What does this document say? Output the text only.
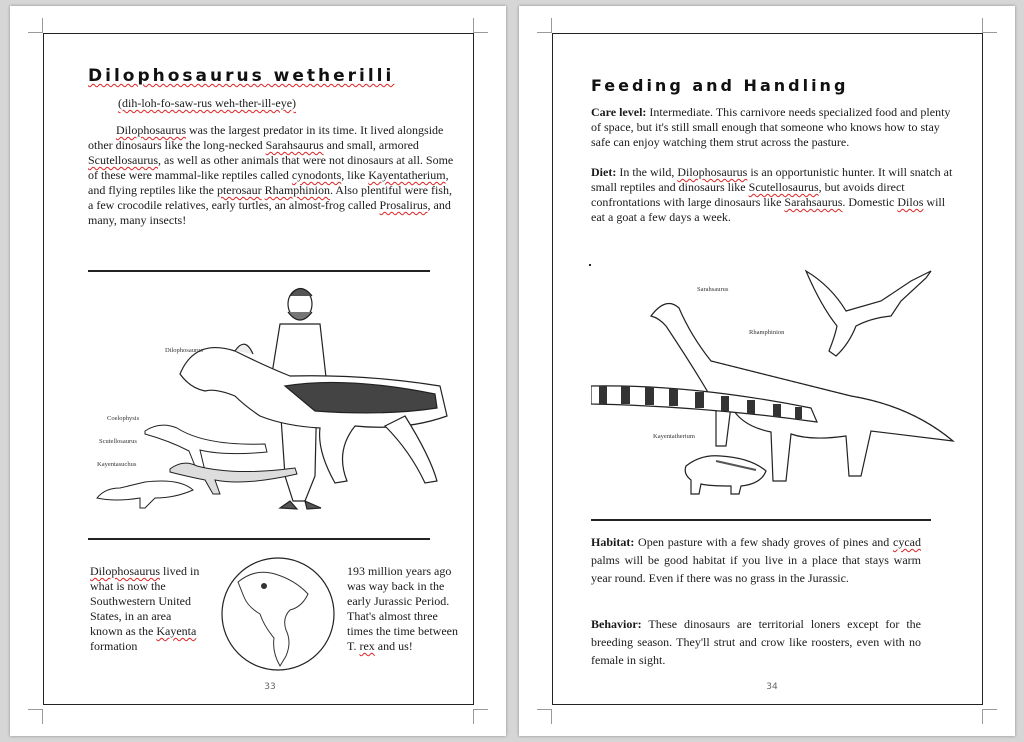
Dilophosaurus wetherilli

(dih-loh-fo-saw-rus weh-ther-ill-eye)

Dilophosaurus was the largest predator in its time. It lived alongside other dinosaurs like the long-necked Sarahsaurus and small, armored Scutellosaurus, as well as other animals that were not dinosaurs at all. Some of these were mammal-like reptiles called cynodonts, like Kayentatherium, and flying reptiles like the pterosaur Rhamphinion. Also plentiful were fish, a few crocodile relatives, early turtles, an almost-frog called Prosalirus, and many, many insects!

Dilophosaurus
Coelophysis
Scutellosaurus
Kayentasuchus

Dilophosaurus lived in what is now the Southwestern United States, in an area known as the Kayenta formation

193 million years ago was way back in the early Jurassic Period. That's almost three times the time between T. rex and us!

33
Feeding and Handling

Care level: Intermediate. This carnivore needs specialized food and plenty of space, but it's still small enough that someone who knows how to stay safe can enjoy watching them strut across the pasture.

Diet: In the wild, Dilophosaurus is an opportunistic hunter. It will snatch at small reptiles and dinosaurs like Scutellosaurus, but avoids direct confrontations with large dinosaurs like Sarahsaurus. Domestic Dilos will eat a goat a few days a week.

Sarahsaurus
Rhamphinion
Kayentatherium

Habitat: Open pasture with a few shady groves of pines and cycad palms will be good habitat if you live in a place that stays warm year round. Even if there was no grass in the Jurassic.

Behavior: These dinosaurs are territorial loners except for the breeding season. They'll strut and crow like roosters, even with no female in sight.

34
